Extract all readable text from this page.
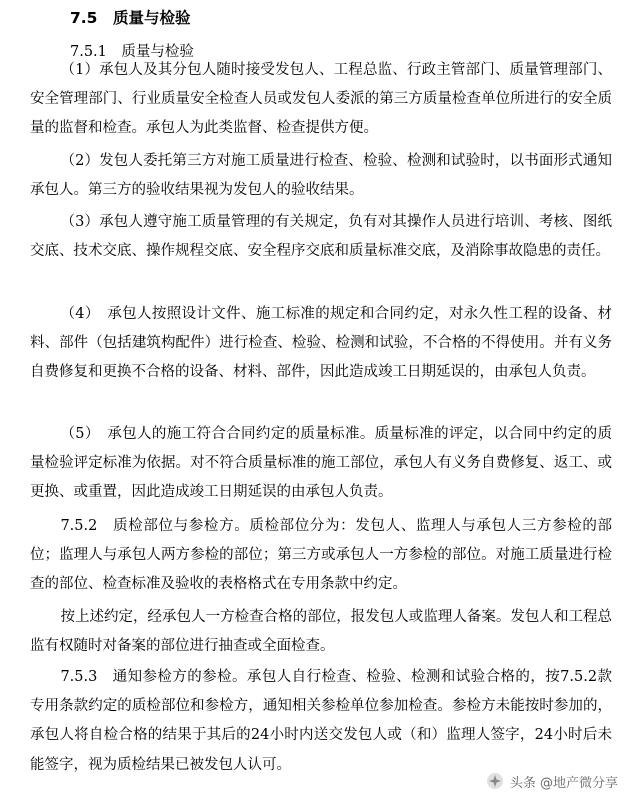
7.5　质量与检验
7.5.1　质量与检验

（1）承包人及其分包人随时接受发包人、工程总监、行政主管部门、质量管理部门、安全管理部门、行业质量安全检查人员或发包人委派的第三方质量检查单位所进行的安全质量的监督和检查。承包人为此类监督、检查提供方便。

（2）发包人委托第三方对施工质量进行检查、检验、检测和试验时，以书面形式通知承包人。第三方的验收结果视为发包人的验收结果。

（3）承包人遵守施工质量管理的有关规定，负有对其操作人员进行培训、考核、图纸交底、技术交底、操作规程交底、安全程序交底和质量标准交底，及消除事故隐患的责任。

（4）　承包人按照设计文件、施工标准的规定和合同约定，对永久性工程的设备、材料、部件（包括建筑构配件）进行检查、检验、检测和试验，不合格的不得使用。并有义务自费修复和更换不合格的设备、材料、部件，因此造成竣工日期延误的，由承包人负责。

（5）　承包人的施工符合合同约定的质量标准。质量标准的评定，以合同中约定的质量检验评定标准为依据。对不符合质量标准的施工部位，承包人有义务自费修复、返工、或更换、或重置，因此造成竣工日期延误的由承包人负责。

7.5.2　质检部位与参检方。质检部位分为：发包人、监理人与承包人三方参检的部位；监理人与承包人两方参检的部位；第三方或承包人一方参检的部位。对施工质量进行检查的部位、检查标准及验收的表格格式在专用条款中约定。

按上述约定，经承包人一方检查合格的部位，报发包人或监理人备案。发包人和工程总监有权随时对备案的部位进行抽查或全面检查。

7.5.3　通知参检方的参检。承包人自行检查、检验、检测和试验合格的，按7.5.2款专用条款约定的质检部位和参检方，通知相关参检单位参加检查。参检方未能按时参加的，承包人将自检合格的结果于其后的24小时内送交发包人或（和）监理人签字，24小时后未能签字，视为质检结果已被发包人认可。

头条 @地产微分享
